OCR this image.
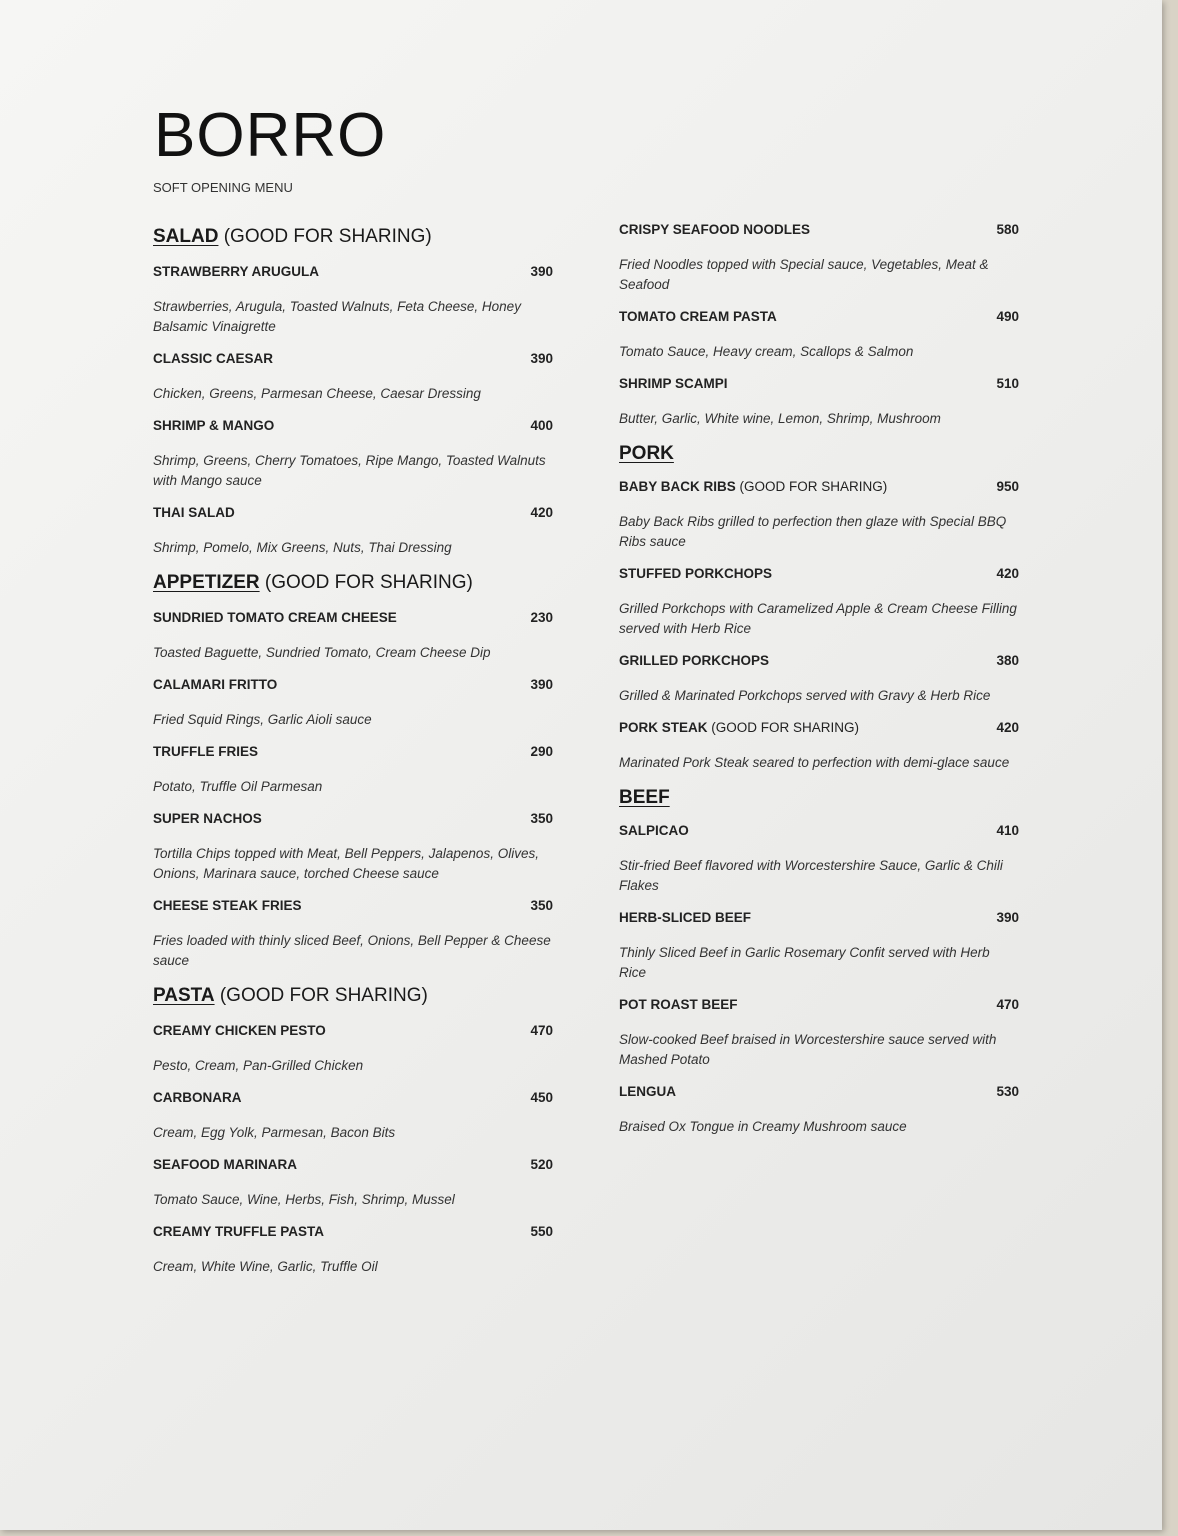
BORRO
SOFT OPENING MENU
SALAD (GOOD FOR SHARING)
STRAWBERRY ARUGULA	390
Strawberries, Arugula, Toasted Walnuts, Feta Cheese, Honey Balsamic Vinaigrette
CLASSIC CAESAR	390
Chicken, Greens, Parmesan Cheese, Caesar Dressing
SHRIMP & MANGO	400
Shrimp, Greens, Cherry Tomatoes, Ripe Mango, Toasted Walnuts with Mango sauce
THAI SALAD	420
Shrimp, Pomelo, Mix Greens, Nuts, Thai Dressing
APPETIZER (GOOD FOR SHARING)
SUNDRIED TOMATO CREAM CHEESE	230
Toasted Baguette, Sundried Tomato, Cream Cheese Dip
CALAMARI FRITTO	390
Fried Squid Rings, Garlic Aioli sauce
TRUFFLE FRIES	290
Potato, Truffle Oil Parmesan
SUPER NACHOS	350
Tortilla Chips topped with Meat, Bell Peppers, Jalapenos, Olives, Onions, Marinara sauce, torched Cheese sauce
CHEESE STEAK FRIES	350
Fries loaded with thinly sliced Beef, Onions, Bell Pepper & Cheese sauce
PASTA (GOOD FOR SHARING)
CREAMY CHICKEN PESTO	470
Pesto, Cream, Pan-Grilled Chicken
CARBONARA	450
Cream, Egg Yolk, Parmesan, Bacon Bits
SEAFOOD MARINARA	520
Tomato Sauce, Wine, Herbs, Fish, Shrimp, Mussel
CREAMY TRUFFLE PASTA	550
Cream, White Wine, Garlic, Truffle Oil
CRISPY SEAFOOD NOODLES	580
Fried Noodles topped with Special sauce, Vegetables, Meat & Seafood
TOMATO CREAM PASTA	490
Tomato Sauce, Heavy cream, Scallops & Salmon
SHRIMP SCAMPI	510
Butter, Garlic, White wine, Lemon, Shrimp, Mushroom
PORK
BABY BACK RIBS (GOOD FOR SHARING)	950
Baby Back Ribs grilled to perfection then glaze with Special BBQ Ribs sauce
STUFFED PORKCHOPS	420
Grilled Porkchops with Caramelized Apple & Cream Cheese Filling served with Herb Rice
GRILLED PORKCHOPS	380
Grilled & Marinated Porkchops served with Gravy & Herb Rice
PORK STEAK (GOOD FOR SHARING)	420
Marinated Pork Steak seared to perfection with demi-glace sauce
BEEF
SALPICAO	410
Stir-fried Beef flavored with Worcestershire Sauce, Garlic & Chili Flakes
HERB-SLICED BEEF	390
Thinly Sliced Beef in Garlic Rosemary Confit served with Herb Rice
POT ROAST BEEF	470
Slow-cooked Beef braised in Worcestershire sauce served with Mashed Potato
LENGUA	530
Braised Ox Tongue in Creamy Mushroom sauce
